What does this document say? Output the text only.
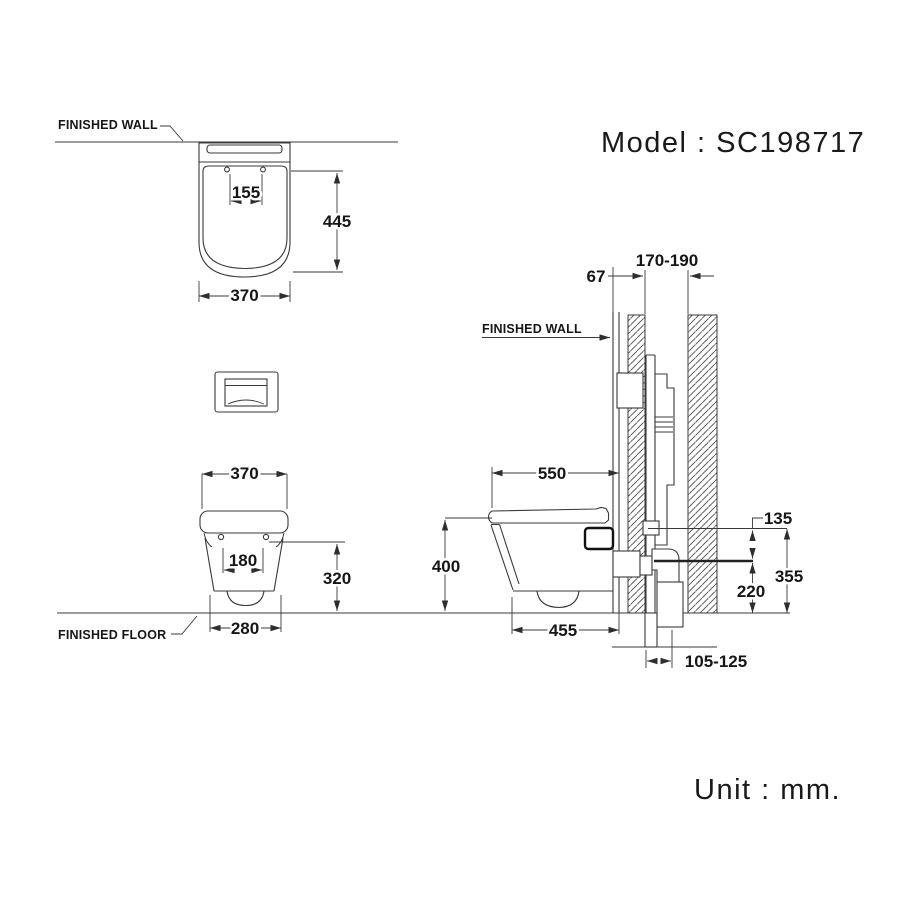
Model : SC198717
Unit : mm.
FINISHED WALL
155
445
370
370
180
320
280
FINISHED FLOOR
FINISHED WALL
67
170-190
550
400
455
135
355
220
105-125
